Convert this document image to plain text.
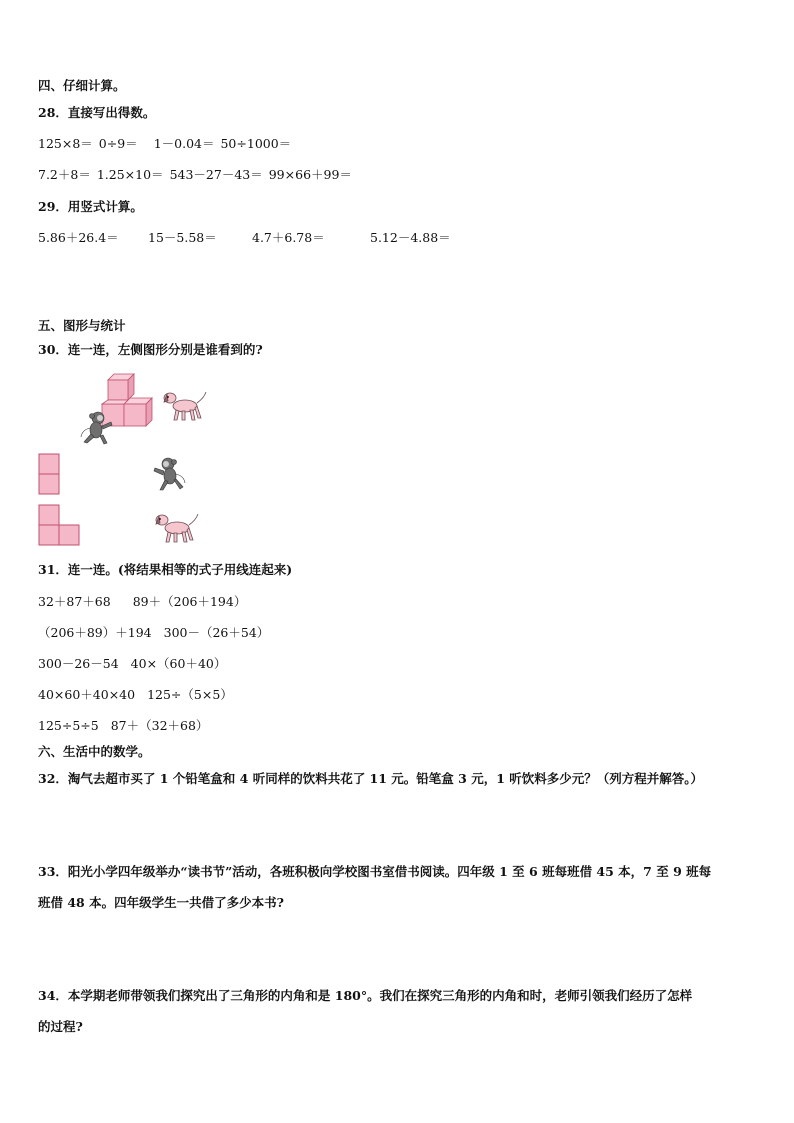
四、仔细计算。
28．直接写出得数。
125×8＝ 0÷9＝ 1－0.04＝ 50÷1000＝
7.2＋8＝ 1.25×10＝ 543－27－43＝ 99×66＋99＝
29．用竖式计算。
5.86＋26.4＝ 15－5.58＝	4.7＋6.78＝	5.12－4.88＝
五、图形与统计
30．连一连，左侧图形分别是谁看到的?
31．连一连。(将结果相等的式子用线连起来)
32＋87＋68 89＋（206＋194）
（206＋89）＋194 300－（26＋54）
300－26－54 40×（60＋40）
40×60＋40×40 125÷（5×5）
125÷5÷5 87＋（32＋68）
六、生活中的数学。
32．淘气去超市买了 1 个铅笔盒和 4 听同样的饮料共花了 11 元。铅笔盒 3 元，1 听饮料多少元？（列方程并解答。）
33．阳光小学四年级举办“读书节”活动，各班积极向学校图书室借书阅读。四年级 1 至 6 班每班借 45 本，7 至 9 班每
班借 48 本。四年级学生一共借了多少本书?
34．本学期老师带领我们探究出了三角形的内角和是 180°。我们在探究三角形的内角和时，老师引领我们经历了怎样
的过程?
